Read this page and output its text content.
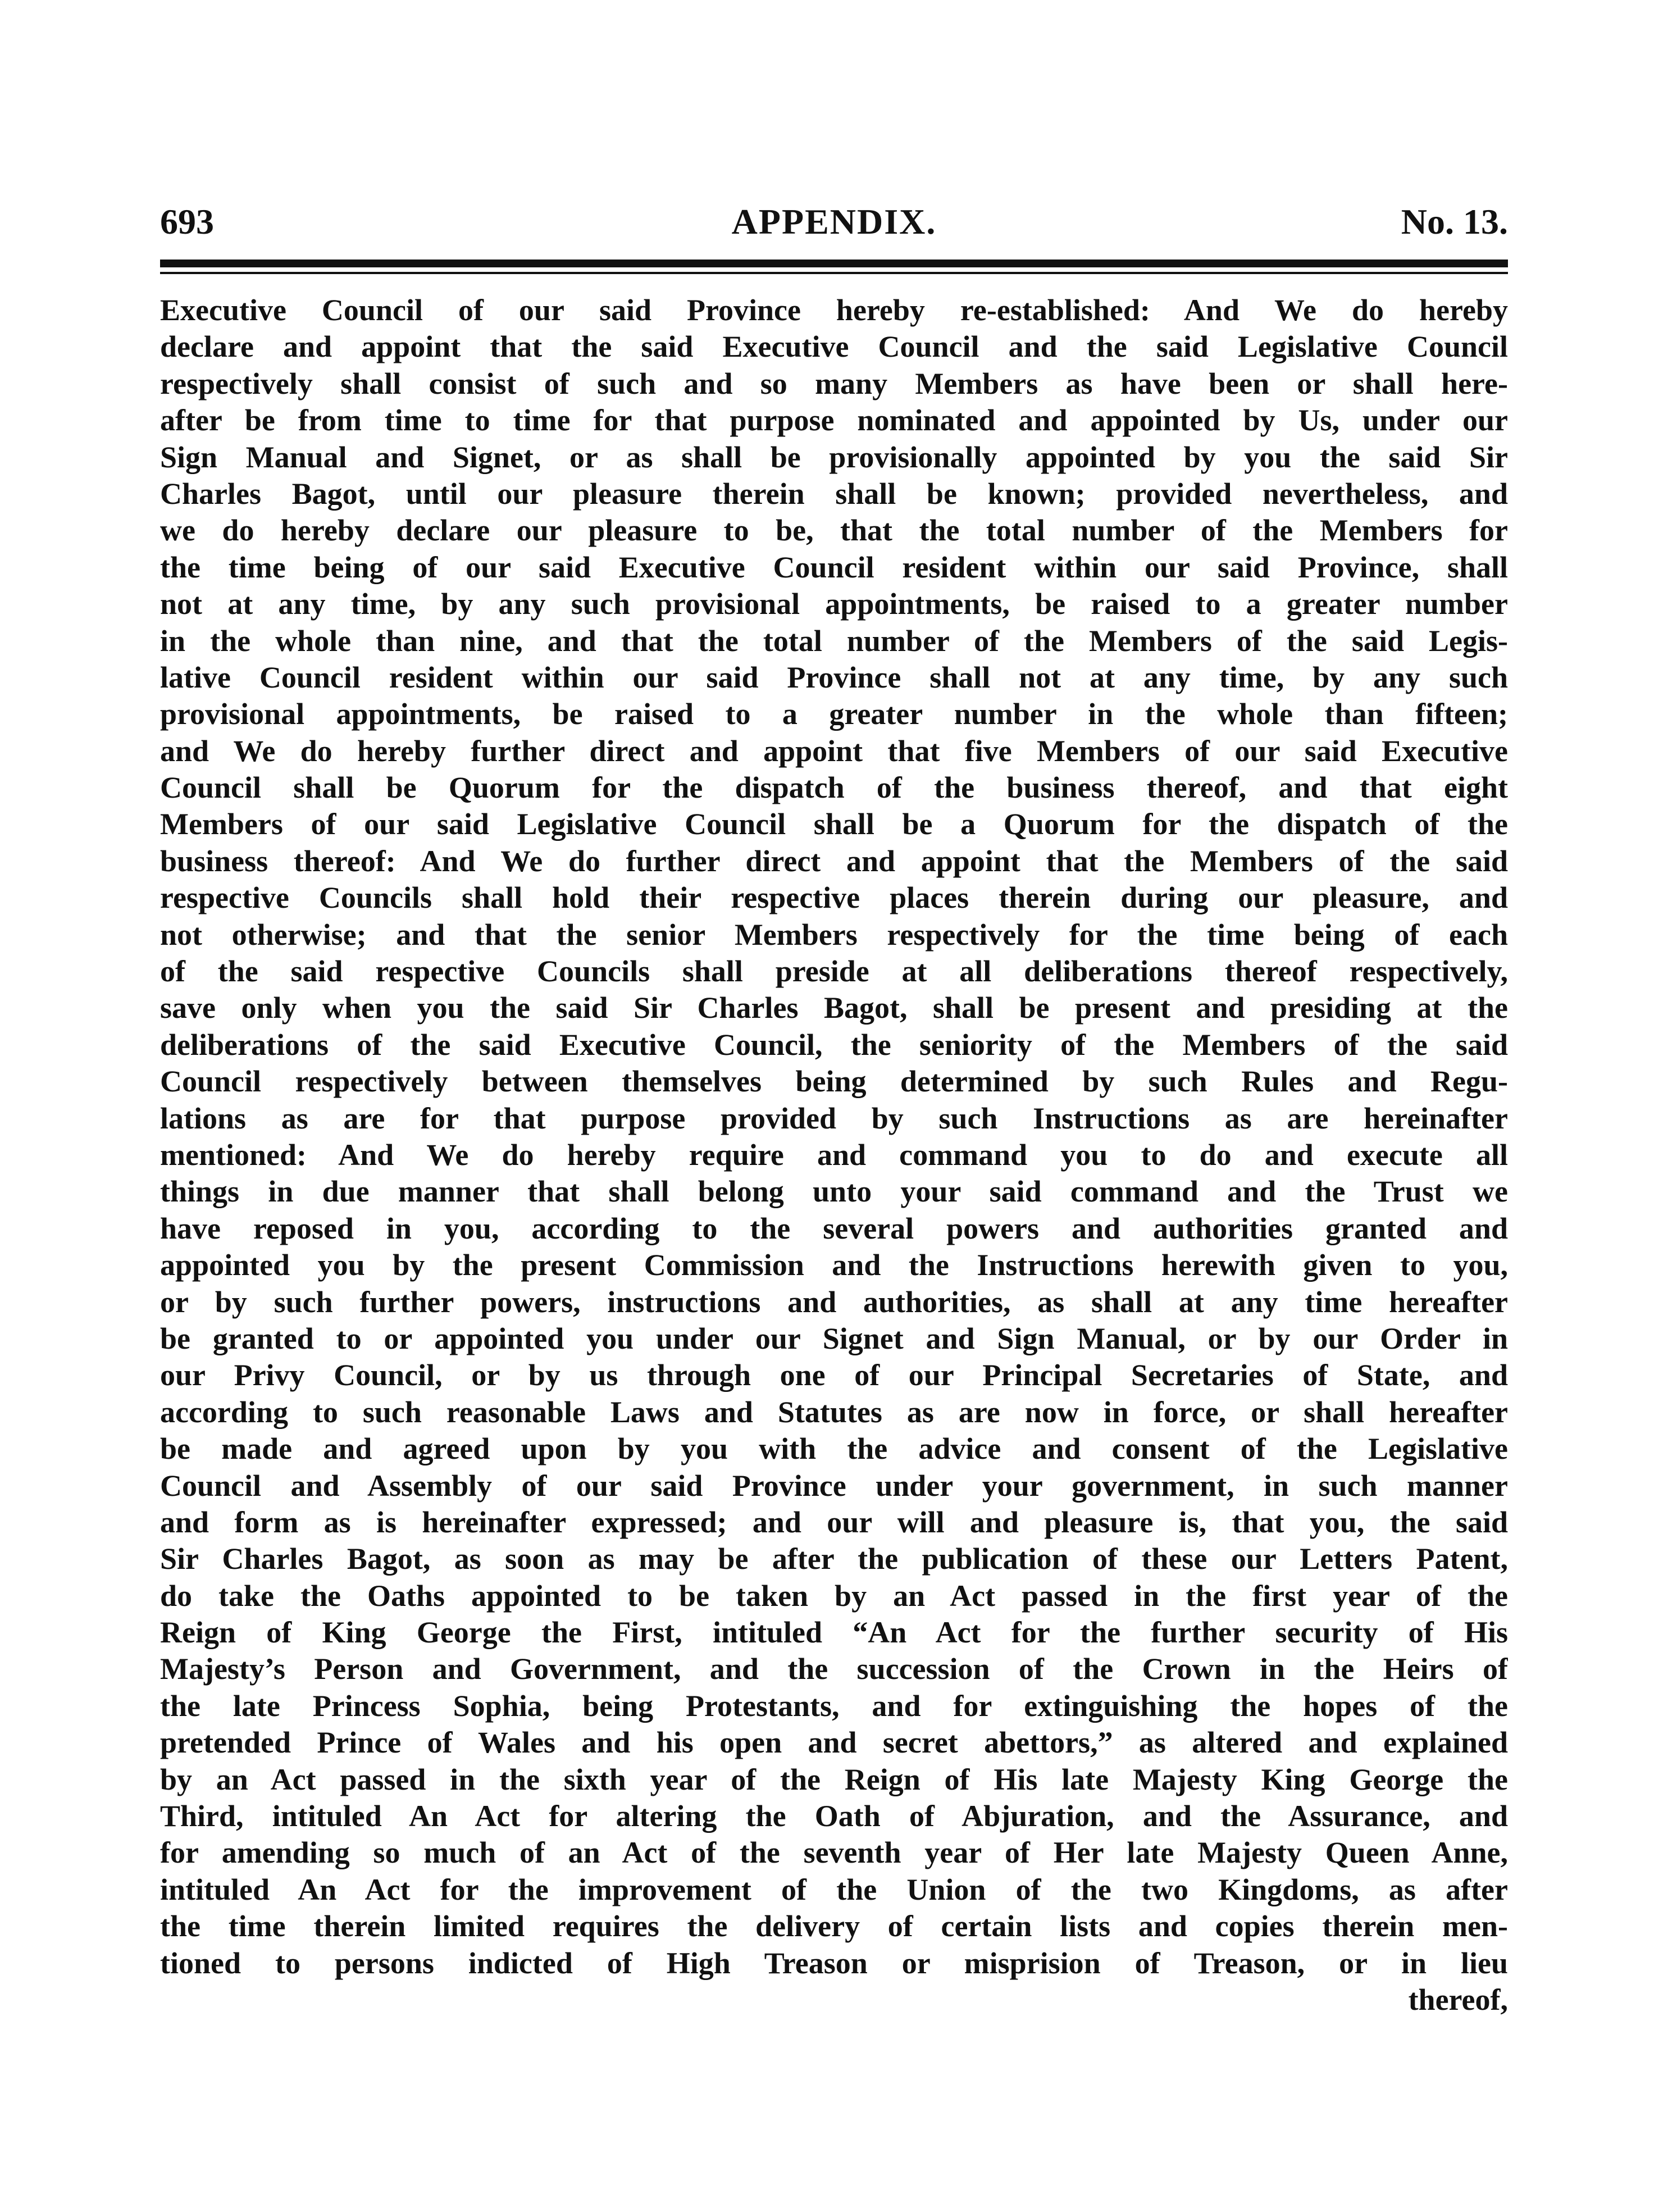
693	APPENDIX.	No. 13.
Executive Council of our said Province hereby re-established: And We do hereby
declare and appoint that the said Executive Council and the said Legislative Council
respectively shall consist of such and so many Members as have been or shall here-
after be from time to time for that purpose nominated and appointed by Us, under our
Sign Manual and Signet, or as shall be provisionally appointed by you the said Sir
Charles Bagot, until our pleasure therein shall be known; provided nevertheless, and
we do hereby declare our pleasure to be, that the total number of the Members for
the time being of our said Executive Council resident within our said Province, shall
not at any time, by any such provisional appointments, be raised to a greater number
in the whole than nine, and that the total number of the Members of the said Legis-
lative Council resident within our said Province shall not at any time, by any such
provisional appointments, be raised to a greater number in the whole than fifteen;
and We do hereby further direct and appoint that five Members of our said Executive
Council shall be Quorum for the dispatch of the business thereof, and that eight
Members of our said Legislative Council shall be a Quorum for the dispatch of the
business thereof: And We do further direct and appoint that the Members of the said
respective Councils shall hold their respective places therein during our pleasure, and
not otherwise; and that the senior Members respectively for the time being of each
of the said respective Councils shall preside at all deliberations thereof respectively,
save only when you the said Sir Charles Bagot, shall be present and presiding at the
deliberations of the said Executive Council, the seniority of the Members of the said
Council respectively between themselves being determined by such Rules and Regu-
lations as are for that purpose provided by such Instructions as are hereinafter
mentioned: And We do hereby require and command you to do and execute all
things in due manner that shall belong unto your said command and the Trust we
have reposed in you, according to the several powers and authorities granted and
appointed you by the present Commission and the Instructions herewith given to you,
or by such further powers, instructions and authorities, as shall at any time hereafter
be granted to or appointed you under our Signet and Sign Manual, or by our Order in
our Privy Council, or by us through one of our Principal Secretaries of State, and
according to such reasonable Laws and Statutes as are now in force, or shall hereafter
be made and agreed upon by you with the advice and consent of the Legislative
Council and Assembly of our said Province under your government, in such manner
and form as is hereinafter expressed; and our will and pleasure is, that you, the said
Sir Charles Bagot, as soon as may be after the publication of these our Letters Patent,
do take the Oaths appointed to be taken by an Act passed in the first year of the
Reign of King George the First, intituled “An Act for the further security of His
Majesty’s Person and Government, and the succession of the Crown in the Heirs of
the late Princess Sophia, being Protestants, and for extinguishing the hopes of the
pretended Prince of Wales and his open and secret abettors,” as altered and explained
by an Act passed in the sixth year of the Reign of His late Majesty King George the
Third, intituled An Act for altering the Oath of Abjuration, and the Assurance, and
for amending so much of an Act of the seventh year of Her late Majesty Queen Anne,
intituled An Act for the improvement of the Union of the two Kingdoms, as after
the time therein limited requires the delivery of certain lists and copies therein men-
tioned to persons indicted of High Treason or misprision of Treason, or in lieu
thereof,
